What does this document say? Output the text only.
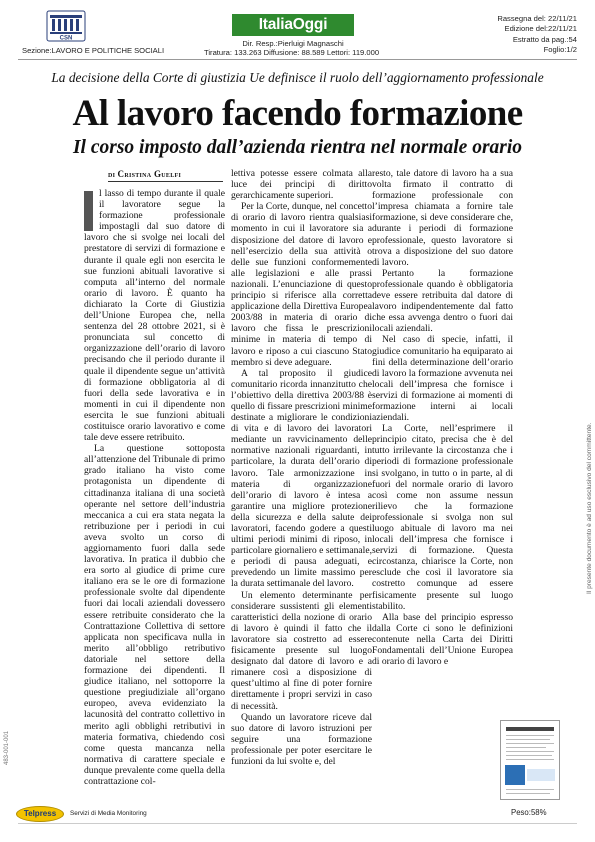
CSN
Sezione:LAVORO E POLITICHE SOCIALI
ItaliaOggi
Dir. Resp.:Pierluigi Magnaschi
Tiratura: 133.263 Diffusione: 88.589 Lettori: 119.000
Rassegna del: 22/11/21
Edizione del:22/11/21
Estratto da pag.:54
Foglio:1/2
La decisione della Corte di giustizia Ue definisce il ruolo dell’aggiornamento professionale
Al lavoro facendo formazione
Il corso imposto dall’azienda rientra nel normale orario
di Cristina Guelfi

l lasso di tempo durante il quale il lavoratore segue la formazione professionale impostagli dal suo datore di lavoro che si svolge nei locali del prestatore di servizi di formazione e durante il quale egli non esercita le sue funzioni abituali lavorative si computa all’interno del normale orario di lavoro. È quanto ha dichiarato la Corte di Giustizia dell’Unione Europea che, nella sentenza del 28 ottobre 2021, si è pronunciata sul concetto di organizzazione dell’orario di lavoro precisando che il periodo durante il quale il dipendente segue un’attività di formazione obbligatoria al di fuori della sede lavorativa e in momenti in cui il dipendente non esercita le sue funzioni abituali costituisce orario lavorativo e come tale deve essere retribuito.

La questione sottoposta all’attenzione del Tribunale di primo grado italiano ha visto come protagonista un dipendente di cittadinanza italiana di una società operante nel settore dell’industria meccanica a cui era stata negata la retribuzione per i periodi in cui aveva svolto un corso di aggiornamento fuori dalla sede lavorativa. In pratica il dubbio che era sorto al giudice di prime cure italiano era se le ore di formazione professionale svolte dal dipendente fuori dai locali aziendali dovessero essere retribuite considerato che la Contrattazione Collettiva di settore applicata non specificava nulla in merito all’obbligo retributivo datoriale nel settore della formazione dei dipendenti. Il giudice italiano, nel sottoporre la questione pregiudiziale all’organo europeo, aveva evidenziato la lacunosità del contratto collettivo in merito agli obblighi retributivi in materia formativa, chiedendo così come questa mancanza nella normativa di carattere speciale e dunque prevalente come quella della contrattazione col-

lettiva potesse essere colmata alla luce dei principi di diritto gerarchicamente superiori.

Per la Corte, dunque, nel concetto di orario di lavoro rientra qualsiasi momento in cui il lavoratore sia a disposizione del datore di lavoro e nell’esercizio della sua attività o delle sue funzioni conformemente alle legislazioni e alle prassi nazionali. L’enunciazione di questo principio si riferisce alla corretta applicazione della Direttiva Europea 2003/88 in materia di orario di lavoro che fissa le prescrizioni minime in materia di tempo di lavoro e riposo a cui ciascuno Stato membro si deve adeguare.

A tal proposito il giudice comunitario ricorda innanzitutto che l’obiettivo della direttiva 2003/88 è quello di fissare prescrizioni minime destinate a migliorare le condizioni di vita e di lavoro dei lavoratori mediante un ravvicinamento delle normative nazionali riguardanti, in particolare, la durata dell’orario di lavoro. Tale armonizzazione in materia di organizzazione dell’orario di lavoro è intesa a garantire una migliore protezione della sicurezza e della salute dei lavoratori, facendo godere a questi ultimi periodi minimi di riposo, in particolare giornaliero e settimanale, e periodi di pausa adeguati, e prevedendo un limite massimo per la durata settimanale del lavoro.

Un elemento determinante per considerare sussistenti gli elementi caratteristici della nozione di orario di lavoro è quindi il fatto che il lavoratore sia costretto ad essere fisicamente presente sul luogo designato dal datore di lavoro e a rimanere così a disposizione di quest’ultimo al fine di poter fornire direttamente i propri servizi in caso di necessità.

Quando un lavoratore riceve dal suo datore di lavoro istruzioni per seguire una formazione professionale per poter esercitare le funzioni da lui svolte e, del

resto, tale datore di lavoro ha a sua volta firmato il contratto di formazione professionale con l’impresa chiamata a fornire tale formazione, si deve considerare che, durante i periodi di formazione professionale, questo lavoratore si trova a disposizione del suo datore di lavoro.

Pertanto la formazione professionale quando è obbligatoria deve essere retribuita dal datore di lavoro indipendentemente dal fatto che essa avvenga dentro o fuori dai locali aziendali.

Nel caso di specie, infatti, il giudice comunitario ha equiparato ai fini della determinazione dell’orario di lavoro la formazione avvenuta nei locali dell’impresa che fornisce i servizi di formazione ai momenti di formazione interni ai locali aziendali.

La Corte, nell’esprimere il principio citato, precisa che è del tutto irrilevante la circostanza che i periodi di formazione professionale si svolgano, in tutto o in parte, al di fuori del normale orario di lavoro così come non assume nessun rilievo che la formazione professionale si svolga non sul luogo abituale di lavoro ma nei locali dell’impresa che fornisce i servizi di formazione. Questa circostanza, chiarisce la Corte, non esclude che così il lavoratore sia costretto comunque ad essere fisicamente presente sul luogo stabilito.

Alla base del principio espresso dalla Corte ci sono le definizioni contenute nella Carta dei Diritti Fondamentali dell’Unione Europea di orario di lavoro e

Peso:58%
Il presente documento è ad uso esclusivo del committente.
483-001-001
Telpress	Servizi di Media Monitoring
